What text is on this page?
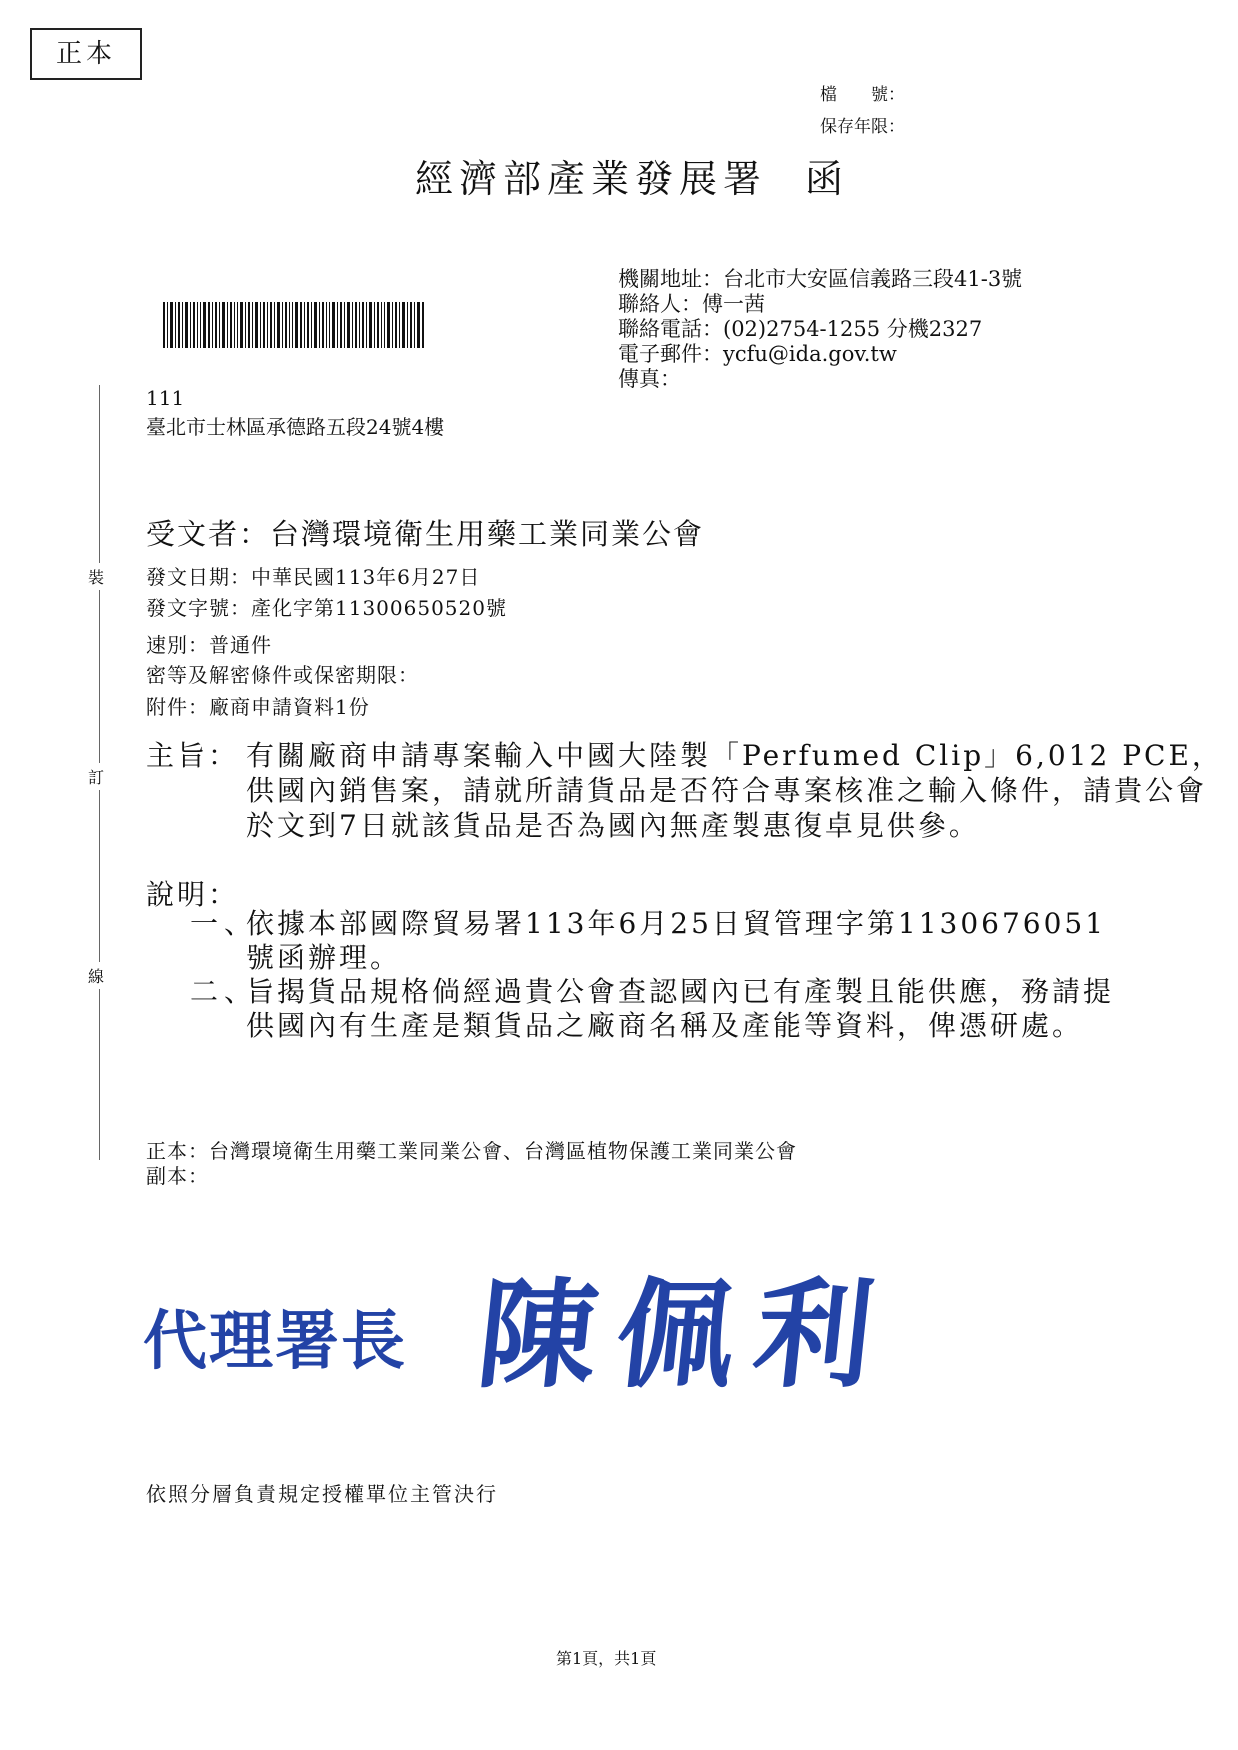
正本
檔　　號：
保存年限：
經濟部產業發展署 函
機關地址：台北市大安區信義路三段41-3號
聯絡人：傅一茜
聯絡電話：(02)2754-1255 分機2327
電子郵件：ycfu@ida.gov.tw
傳真：
111
臺北市士林區承德路五段24號4樓
裝
訂
線
受文者：台灣環境衛生用藥工業同業公會
發文日期：中華民國113年6月27日
發文字號：產化字第11300650520號
速別：普通件
密等及解密條件或保密期限：
附件：廠商申請資料1份
主旨： 有關廠商申請專案輸入中國大陸製「Perfumed Clip」6,012 PCE，供國內銷售案，請就所請貨品是否符合專案核准之輸入條件，請貴公會於文到7日就該貨品是否為國內無產製惠復卓見供參。
說明：
一、
依據本部國際貿易署113年6月25日貿管理字第1130676051號函辦理。
二、
旨揭貨品規格倘經過貴公會查認國內已有產製且能供應，務請提供國內有生產是類貨品之廠商名稱及產能等資料，俾憑研處。
正本：台灣環境衛生用藥工業同業公會、台灣區植物保護工業同業公會
副本：
代理署長 陳佩利
依照分層負責規定授權單位主管決行
第1頁，共1頁
